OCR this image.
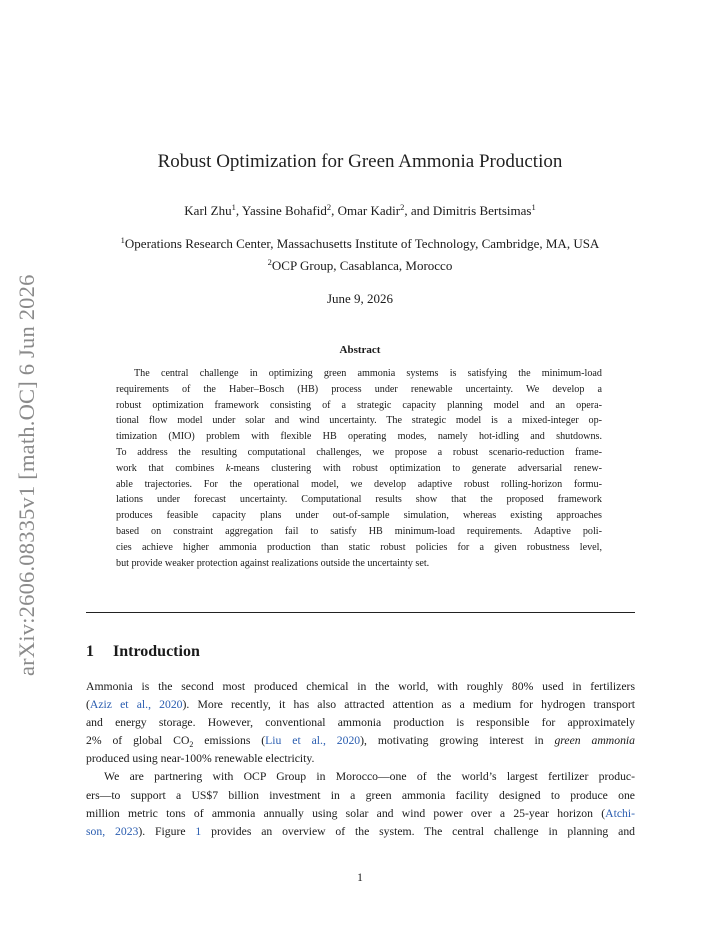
arXiv:2606.08335v1 [math.OC] 6 Jun 2026
Robust Optimization for Green Ammonia Production
Karl Zhu$^1$, Yassine Bohafid$^2$, Omar Kadir$^2$, and Dimitris Bertsimas$^1$
$^1$Operations Research Center, Massachusetts Institute of Technology, Cambridge, MA, USA
$^2$OCP Group, Casablanca, Morocco
June 9, 2026
Abstract
The central challenge in optimizing green ammonia systems is satisfying the minimum-load
requirements of the Haber–Bosch (HB) process under renewable uncertainty. We develop a
robust optimization framework consisting of a strategic capacity planning model and an opera-
tional flow model under solar and wind uncertainty. The strategic model is a mixed-integer op-
timization (MIO) problem with flexible HB operating modes, namely hot-idling and shutdowns.
To address the resulting computational challenges, we propose a robust scenario-reduction frame-
work that combines k-means clustering with robust optimization to generate adversarial renew-
able trajectories. For the operational model, we develop adaptive robust rolling-horizon formu-
lations under forecast uncertainty. Computational results show that the proposed framework
produces feasible capacity plans under out-of-sample simulation, whereas existing approaches
based on constraint aggregation fail to satisfy HB minimum-load requirements. Adaptive poli-
cies achieve higher ammonia production than static robust policies for a given robustness level,
but provide weaker protection against realizations outside the uncertainty set.
1 Introduction
Ammonia is the second most produced chemical in the world, with roughly 80% used in fertilizers
(Aziz et al., 2020). More recently, it has also attracted attention as a medium for hydrogen transport
and energy storage. However, conventional ammonia production is responsible for approximately
2% of global $CO_2$ emissions (Liu et al., 2020), motivating growing interest in green ammonia
produced using near-100% renewable electricity.
We are partnering with OCP Group in Morocco—one of the world’s largest fertilizer produc-
ers—to support a US$7 billion investment in a green ammonia facility designed to produce one
million metric tons of ammonia annually using solar and wind power over a 25-year horizon (Atchi-
son, 2023). Figure 1 provides an overview of the system. The central challenge in planning and
1
